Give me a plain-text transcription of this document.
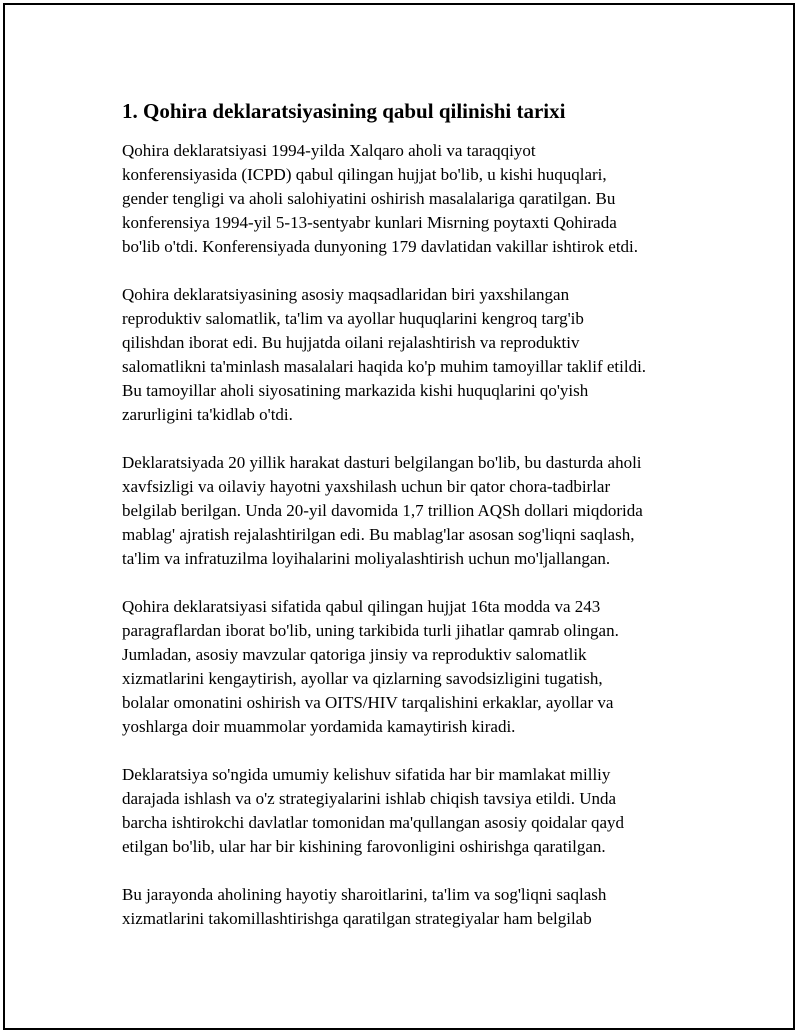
1. Qohira deklaratsiyasining qabul qilinishi tarixi

Qohira deklaratsiyasi 1994-yilda Xalqaro aholi va taraqqiyot
konferensiyasida (ICPD) qabul qilingan hujjat bo'lib, u kishi huquqlari,
gender tengligi va aholi salohiyatini oshirish masalalariga qaratilgan. Bu
konferensiya 1994-yil 5-13-sentyabr kunlari Misrning poytaxti Qohirada
bo'lib o'tdi. Konferensiyada dunyoning 179 davlatidan vakillar ishtirok etdi.

Qohira deklaratsiyasining asosiy maqsadlaridan biri yaxshilangan
reproduktiv salomatlik, ta'lim va ayollar huquqlarini kengroq targ'ib
qilishdan iborat edi. Bu hujjatda oilani rejalashtirish va reproduktiv
salomatlikni ta'minlash masalalari haqida ko'p muhim tamoyillar taklif etildi.
Bu tamoyillar aholi siyosatining markazida kishi huquqlarini qo'yish
zarurligini ta'kidlab o'tdi.

Deklaratsiyada 20 yillik harakat dasturi belgilangan bo'lib, bu dasturda aholi
xavfsizligi va oilaviy hayotni yaxshilash uchun bir qator chora-tadbirlar
belgilab berilgan. Unda 20-yil davomida 1,7 trillion AQSh dollari miqdorida
mablag' ajratish rejalashtirilgan edi. Bu mablag'lar asosan sog'liqni saqlash,
ta'lim va infratuzilma loyihalarini moliyalashtirish uchun mo'ljallangan.

Qohira deklaratsiyasi sifatida qabul qilingan hujjat 16ta modda va 243
paragraflardan iborat bo'lib, uning tarkibida turli jihatlar qamrab olingan.
Jumladan, asosiy mavzular qatoriga jinsiy va reproduktiv salomatlik
xizmatlarini kengaytirish, ayollar va qizlarning savodsizligini tugatish,
bolalar omonatini oshirish va OITS/HIV tarqalishini erkaklar, ayollar va
yoshlarga doir muammolar yordamida kamaytirish kiradi.

Deklaratsiya so'ngida umumiy kelishuv sifatida har bir mamlakat milliy
darajada ishlash va o'z strategiyalarini ishlab chiqish tavsiya etildi. Unda
barcha ishtirokchi davlatlar tomonidan ma'qullangan asosiy qoidalar qayd
etilgan bo'lib, ular har bir kishining farovonligini oshirishga qaratilgan.

Bu jarayonda aholining hayotiy sharoitlarini, ta'lim va sog'liqni saqlash
xizmatlarini takomillashtirishga qaratilgan strategiyalar ham belgilab
